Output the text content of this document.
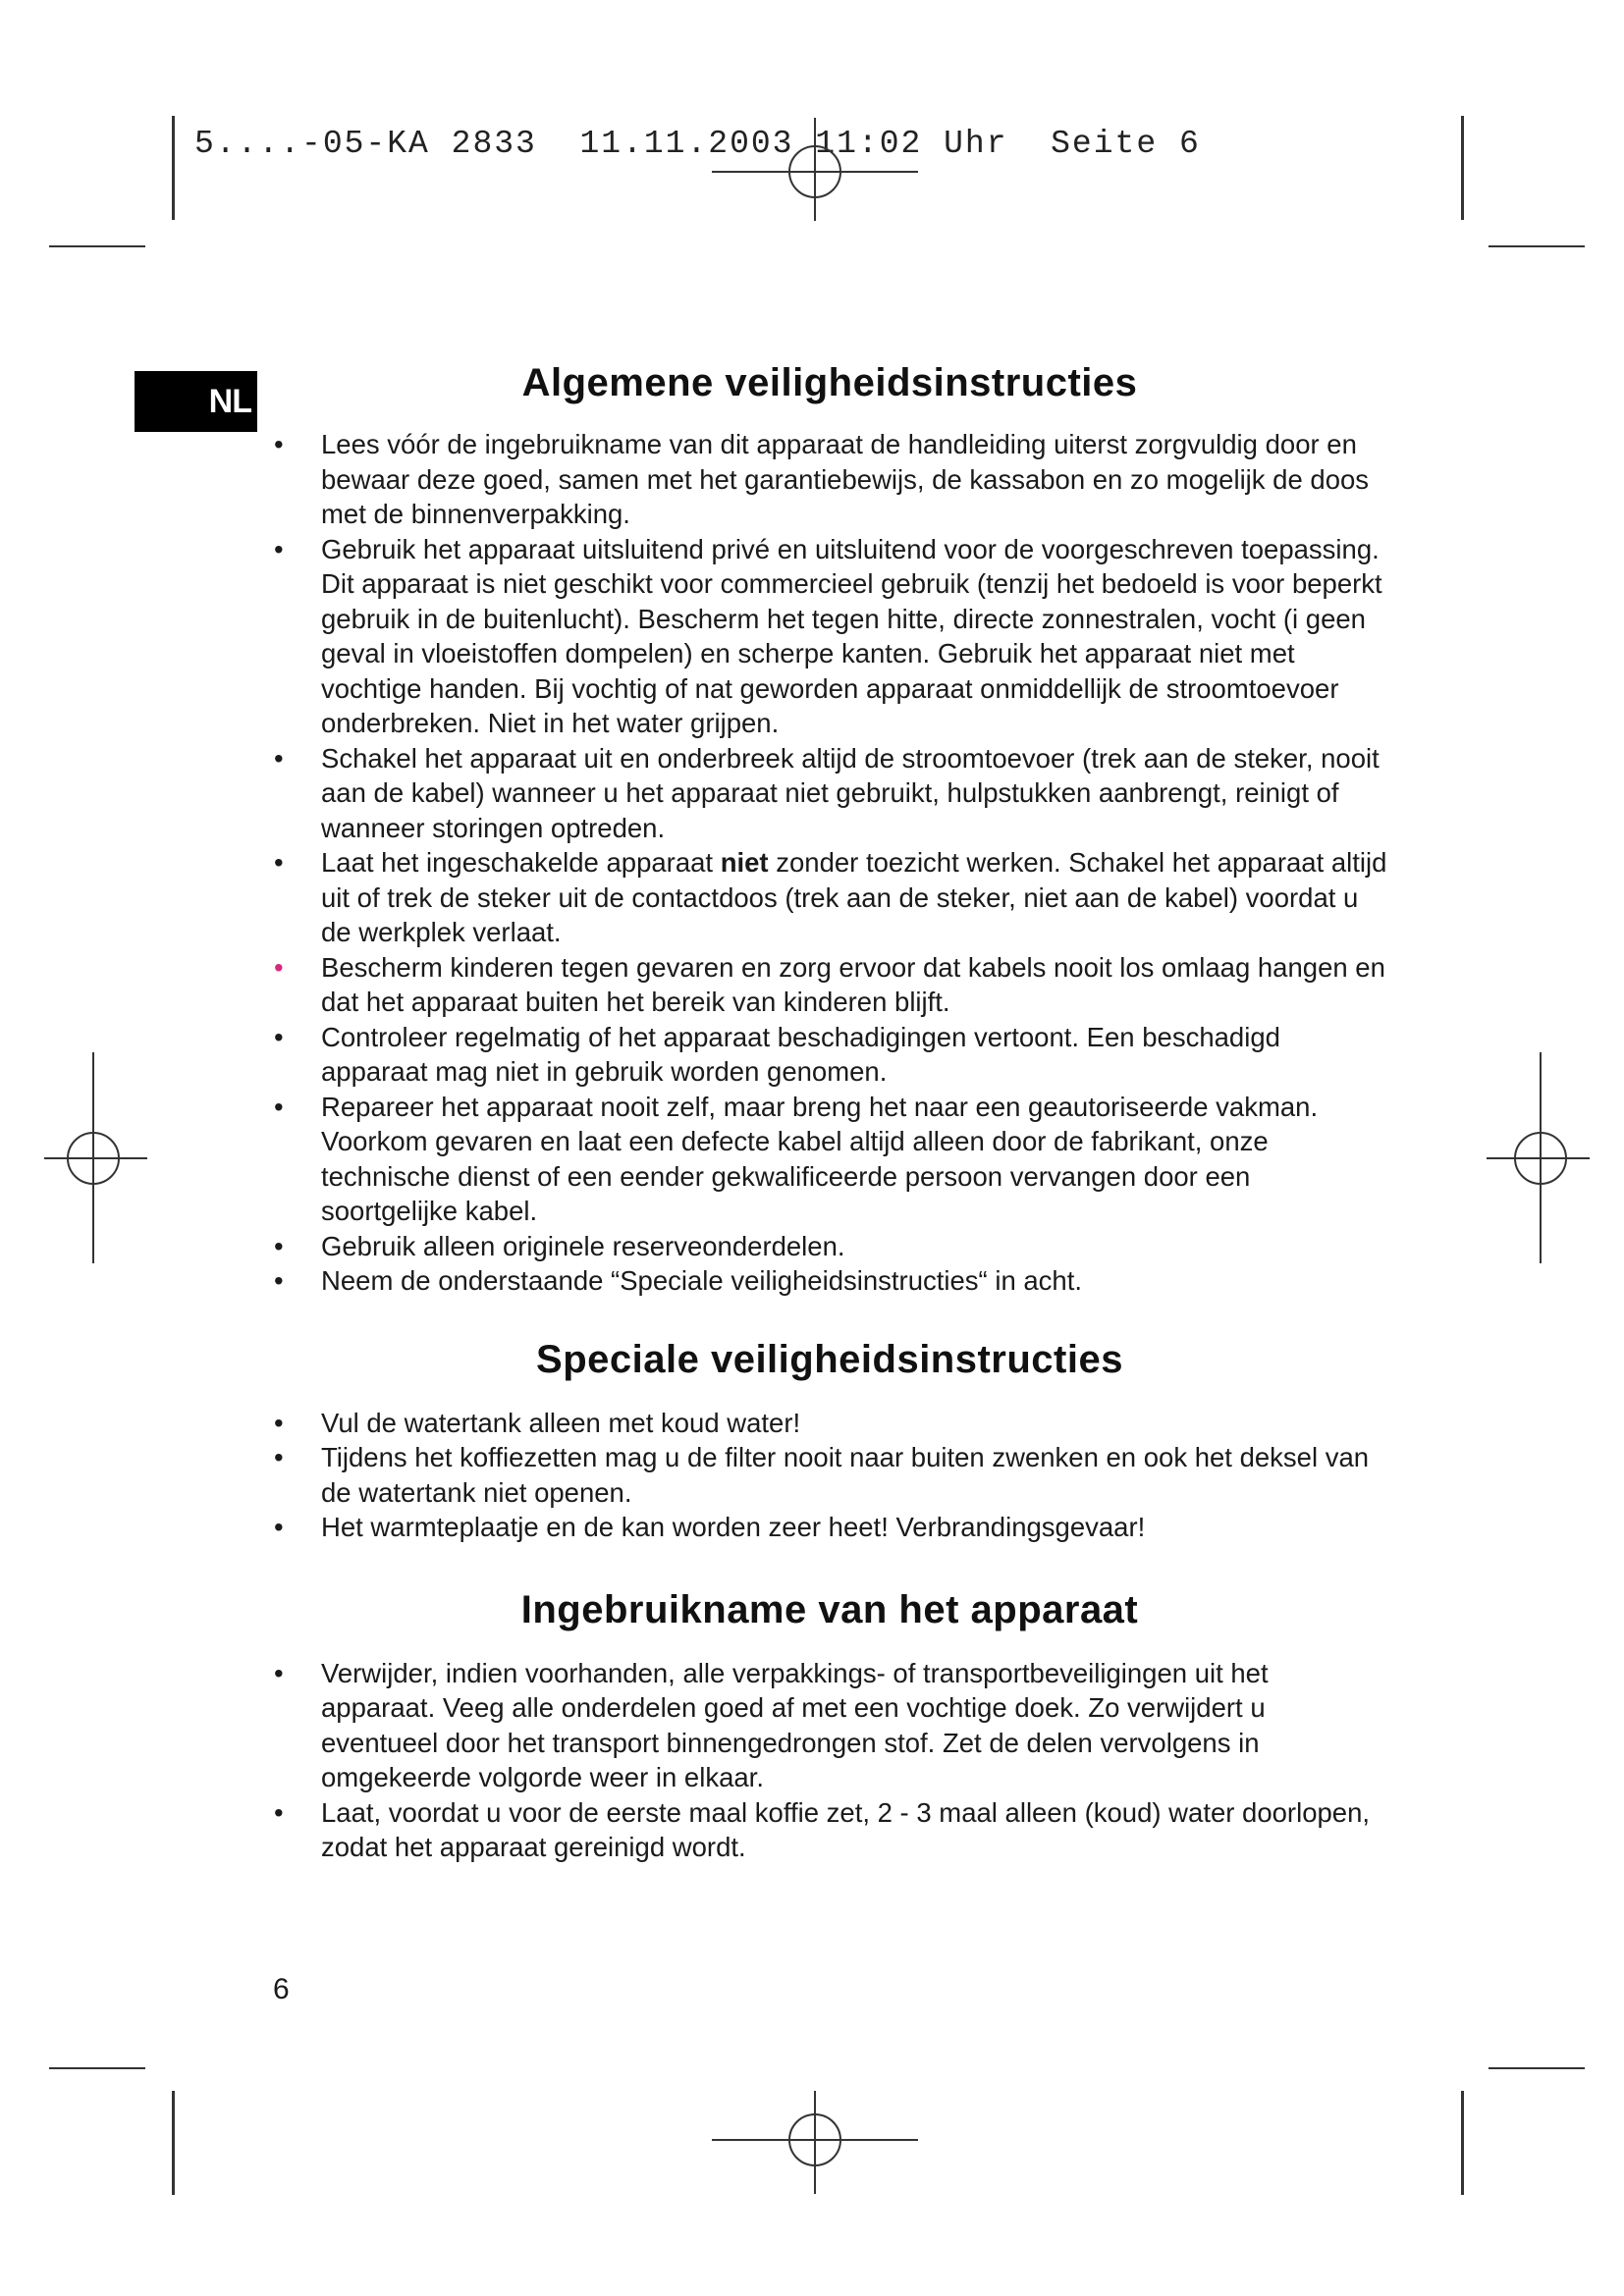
5....-05-KA 2833  11.11.2003 11:02 Uhr  Seite 6
NL	Algemene veiligheidsinstructies
• Lees vóór de ingebruikname van dit apparaat de handleiding uiterst zorgvuldig door en bewaar deze goed, samen met het garantiebewijs, de kassabon en zo mogelijk de doos met de binnenverpakking.
• Gebruik het apparaat uitsluitend privé en uitsluitend voor de voorgeschreven toepassing. Dit apparaat is niet geschikt voor commercieel gebruik (tenzij het bedoeld is voor beperkt gebruik in de buitenlucht). Bescherm het tegen hitte, directe zonnestralen, vocht (i geen geval in vloeistoffen dompelen) en scherpe kanten. Gebruik het apparaat niet met vochtige handen. Bij vochtig of nat geworden apparaat onmiddellijk de stroomtoevoer onderbreken. Niet in het water grijpen.
• Schakel het apparaat uit en onderbreek altijd de stroomtoevoer (trek aan de steker, nooit aan de kabel) wanneer u het apparaat niet gebruikt, hulpstukken aanbrengt, reinigt of wanneer storingen optreden.
• Laat het ingeschakelde apparaat niet zonder toezicht werken. Schakel het apparaat altijd uit of trek de steker uit de contactdoos (trek aan de steker, niet aan de kabel) voordat u de werkplek verlaat.
• Bescherm kinderen tegen gevaren en zorg ervoor dat kabels nooit los omlaag hangen en dat het apparaat buiten het bereik van kinderen blijft.
• Controleer regelmatig of het apparaat beschadigingen vertoont. Een beschadigd apparaat mag niet in gebruik worden genomen.
• Repareer het apparaat nooit zelf, maar breng het naar een geautoriseerde vakman. Voorkom gevaren en laat een defecte kabel altijd alleen door de fabrikant, onze technische dienst of een eender gekwalificeerde persoon vervangen door een soortgelijke kabel.
• Gebruik alleen originele reserveonderdelen.
• Neem de onderstaande “Speciale veiligheidsinstructies“ in acht.
Speciale veiligheidsinstructies
• Vul de watertank alleen met koud water!
• Tijdens het koffiezetten mag u de filter nooit naar buiten zwenken en ook het deksel van de watertank niet openen.
• Het warmteplaatje en de kan worden zeer heet! Verbrandingsgevaar!
Ingebruikname van het apparaat
• Verwijder, indien voorhanden, alle verpakkings- of transportbeveiligingen uit het apparaat. Veeg alle onderdelen goed af met een vochtige doek. Zo verwijdert u eventueel door het transport binnengedrongen stof. Zet de delen vervolgens in omgekeerde volgorde weer in elkaar.
• Laat, voordat u voor de eerste maal koffie zet, 2 - 3 maal alleen (koud) water doorlopen, zodat het apparaat gereinigd wordt.
6
